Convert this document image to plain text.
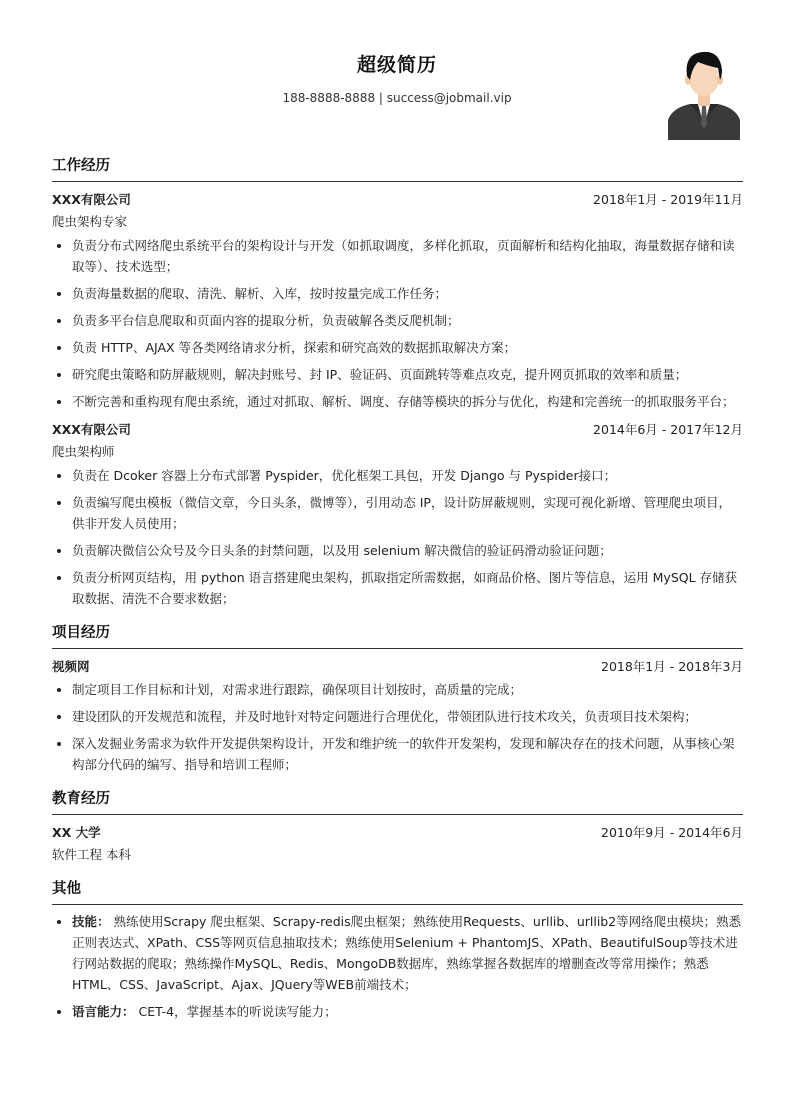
超级简历
188-8888-8888 | success@jobmail.vip
工作经历
XXX有限公司	2018年1月 - 2019年11月
爬虫架构专家
• 负责分布式网络爬虫系统平台的架构设计与开发（如抓取调度，多样化抓取，页面解析和结构化抽取，海量数据存储和读取等）、技术选型；
• 负责海量数据的爬取、清洗、解析、入库，按时按量完成工作任务；
• 负责多平台信息爬取和页面内容的提取分析，负责破解各类反爬机制；
• 负责 HTTP、AJAX 等各类网络请求分析，探索和研究高效的数据抓取解决方案；
• 研究爬虫策略和防屏蔽规则，解决封账号、封 IP、验证码、页面跳转等难点攻克，提升网页抓取的效率和质量；
• 不断完善和重构现有爬虫系统，通过对抓取、解析、调度、存储等模块的拆分与优化，构建和完善统一的抓取服务平台；
XXX有限公司	2014年6月 - 2017年12月
爬虫架构师
• 负责在 Dcoker 容器上分布式部署 Pyspider，优化框架工具包，开发 Django 与 Pyspider接口；
• 负责编写爬虫模板（微信文章，今日头条，微博等），引用动态 IP，设计防屏蔽规则，实现可视化新增、管理爬虫项目，供非开发人员使用；
• 负责解决微信公众号及今日头条的封禁问题，以及用 selenium 解决微信的验证码滑动验证问题；
• 负责分析网页结构，用 python 语言搭建爬虫架构，抓取指定所需数据，如商品价格、图片等信息，运用 MySQL 存储获取数据、清洗不合要求数据；
项目经历
视频网	2018年1月 - 2018年3月
• 制定项目工作目标和计划，对需求进行跟踪，确保项目计划按时，高质量的完成；
• 建设团队的开发规范和流程，并及时地针对特定问题进行合理优化，带领团队进行技术攻关，负责项目技术架构；
• 深入发掘业务需求为软件开发提供架构设计，开发和维护统一的软件开发架构，发现和解决存在的技术问题，从事核心架构部分代码的编写、指导和培训工程师；
教育经历
XX 大学	2010年9月 - 2014年6月
软件工程 本科
其他
• 技能： 熟练使用Scrapy 爬虫框架、Scrapy-redis爬虫框架；熟练使用Requests、urllib、urllib2等网络爬虫模块；熟悉正则表达式、XPath、CSS等网页信息抽取技术；熟练使用Selenium + PhantomJS、XPath、BeautifulSoup等技术进行网站数据的爬取；熟练操作MySQL、Redis、MongoDB数据库，熟练掌握各数据库的增删查改等常用操作；熟悉HTML、CSS、JavaScript、Ajax、JQuery等WEB前端技术；
• 语言能力： CET-4，掌握基本的听说读写能力；
